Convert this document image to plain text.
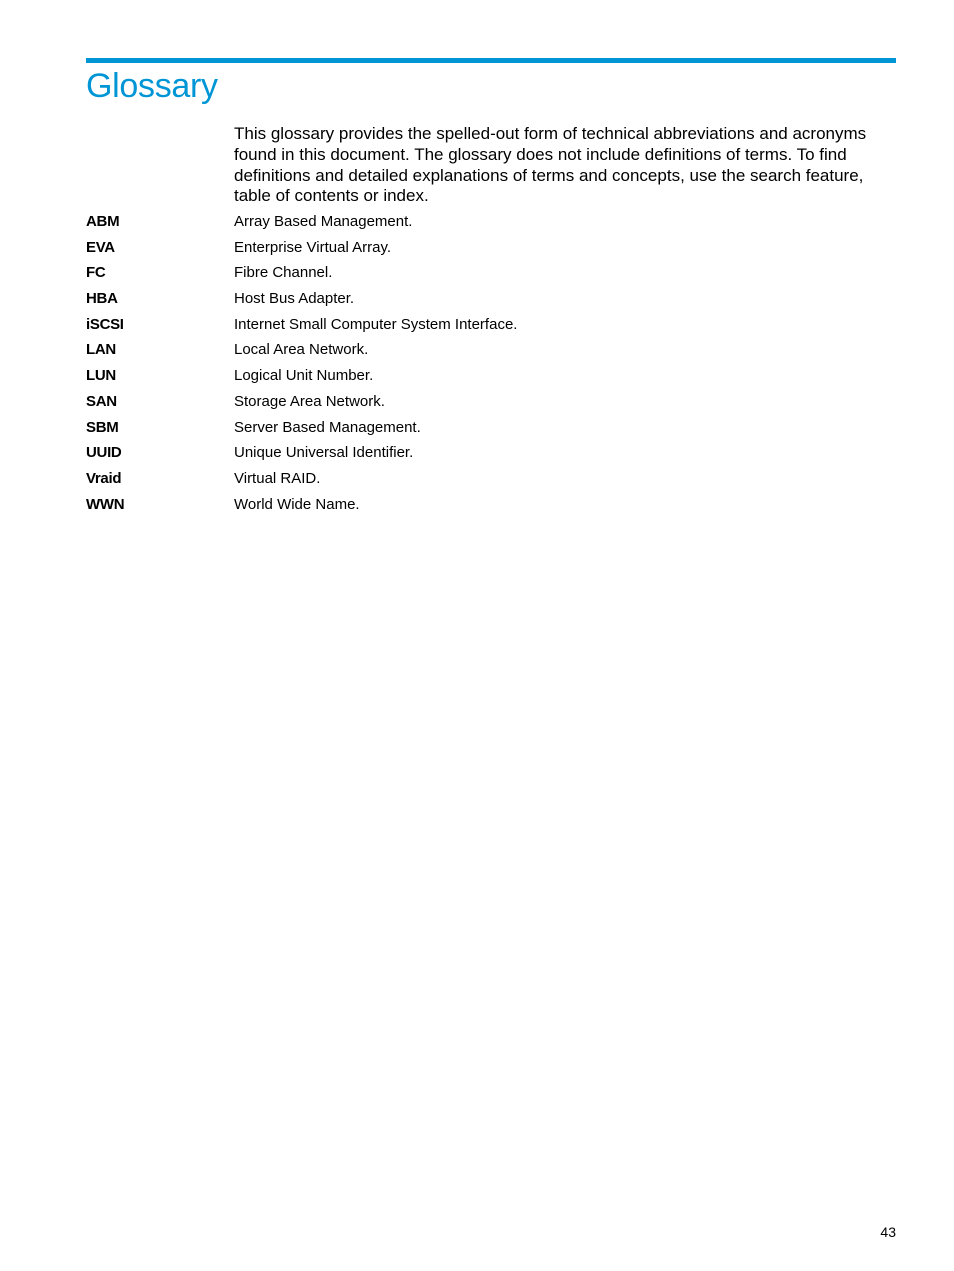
Glossary

This glossary provides the spelled-out form of technical abbreviations and acronyms found in this document. The glossary does not include definitions of terms. To find definitions and detailed explanations of terms and concepts, use the search feature, table of contents or index.

ABM	Array Based Management.
EVA	Enterprise Virtual Array.
FC	Fibre Channel.
HBA	Host Bus Adapter.
iSCSI	Internet Small Computer System Interface.
LAN	Local Area Network.
LUN	Logical Unit Number.
SAN	Storage Area Network.
SBM	Server Based Management.
UUID	Unique Universal Identifier.
Vraid	Virtual RAID.
WWN	World Wide Name.
43
